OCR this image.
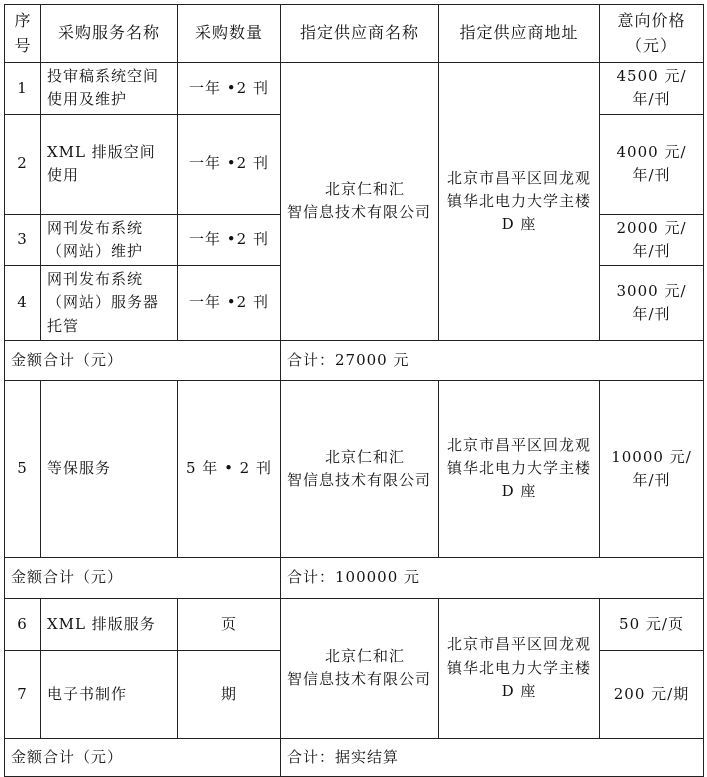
序号	采购服务名称	采购数量	指定供应商名称	指定供应商地址	意向价格（元）
1	投审稿系统空间使用及维护	一年 •2 刊	北京仁和汇
智信息技术有限公司	北京市昌平区回龙观镇华北电力大学主楼 D 座	4500 元/年/刊
2	XML 排版空间使用	一年 •2 刊			4000 元/年/刊
3	网刊发布系统（网站）维护	一年 •2 刊			2000 元/年/刊
4	网刊发布系统（网站）服务器托管	一年 •2 刊			3000 元/年/刊
金额合计（元）			合计：27000 元		
5	等保服务	5 年 • 2 刊	北京仁和汇
智信息技术有限公司	北京市昌平区回龙观镇华北电力大学主楼 D 座	10000 元/年/刊
金额合计（元）			合计：100000 元		
6	XML 排版服务	页	北京仁和汇
智信息技术有限公司	北京市昌平区回龙观镇华北电力大学主楼 D 座	50 元/页
7	电子书制作	期			200 元/期
金额合计（元）			合计：据实结算		
